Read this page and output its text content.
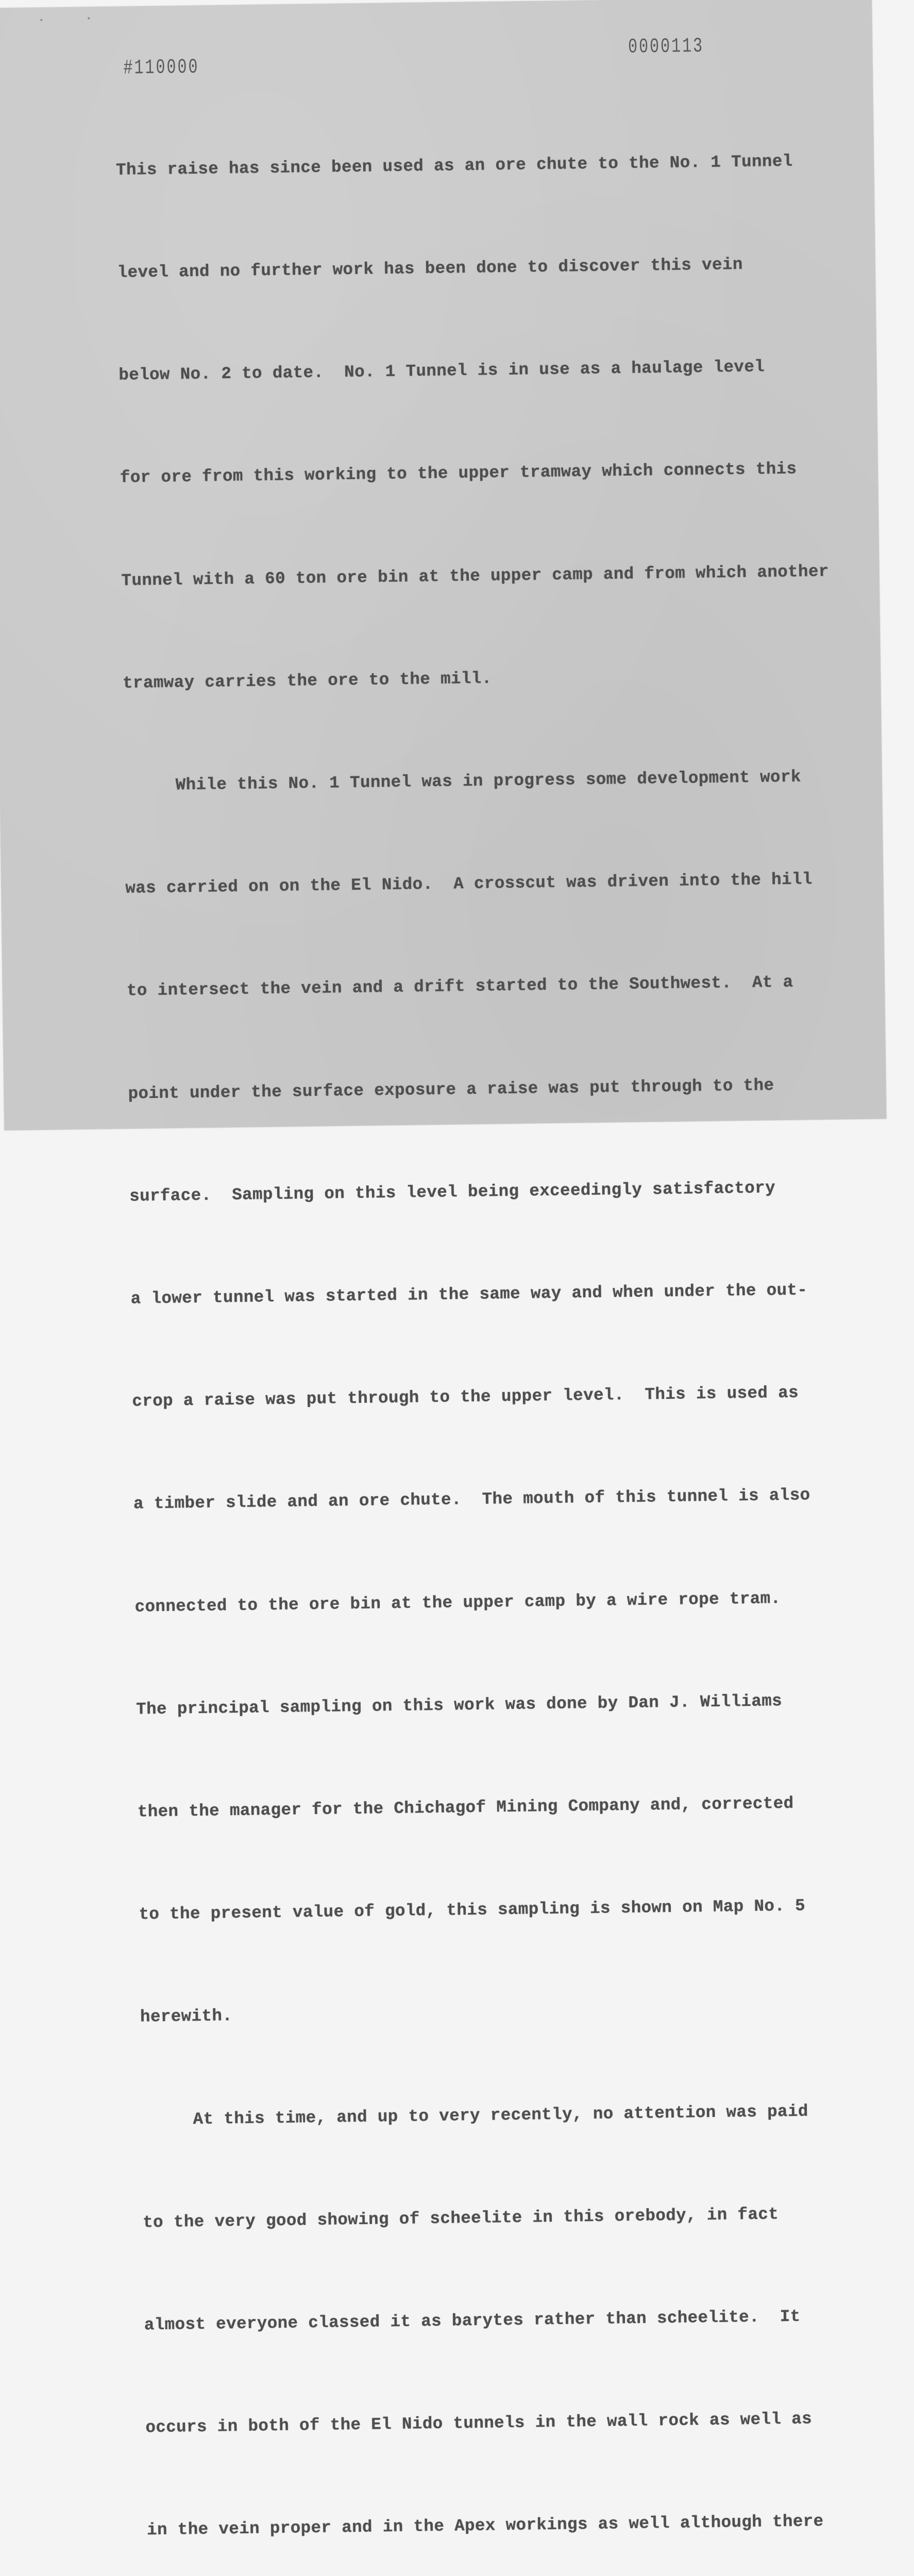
#110000
0000113

This raise has since been used as an ore chute to the No. 1 Tunnel

level and no further work has been done to discover this vein

below No. 2 to date.  No. 1 Tunnel is in use as a haulage level

for ore from this working to the upper tramway which connects this

Tunnel with a 60 ton ore bin at the upper camp and from which another

tramway carries the ore to the mill.

While this No. 1 Tunnel was in progress some development work

was carried on on the El Nido.  A crosscut was driven into the hill

to intersect the vein and a drift started to the Southwest.  At a

point under the surface exposure a raise was put through to the

surface.  Sampling on this level being exceedingly satisfactory

a lower tunnel was started in the same way and when under the out-

crop a raise was put through to the upper level.  This is used as

a timber slide and an ore chute.  The mouth of this tunnel is also

connected to the ore bin at the upper camp by a wire rope tram.

The principal sampling on this work was done by Dan J. Williams

then the manager for the Chichagof Mining Company and, corrected

to the present value of gold, this sampling is shown on Map No. 5

herewith.

At this time, and up to very recently, no attention was paid

to the very good showing of scheelite in this orebody, in fact

almost everyone classed it as barytes rather than scheelite.  It

occurs in both of the El Nido tunnels in the wall rock as well as

in the vein proper and in the Apex workings as well although there
